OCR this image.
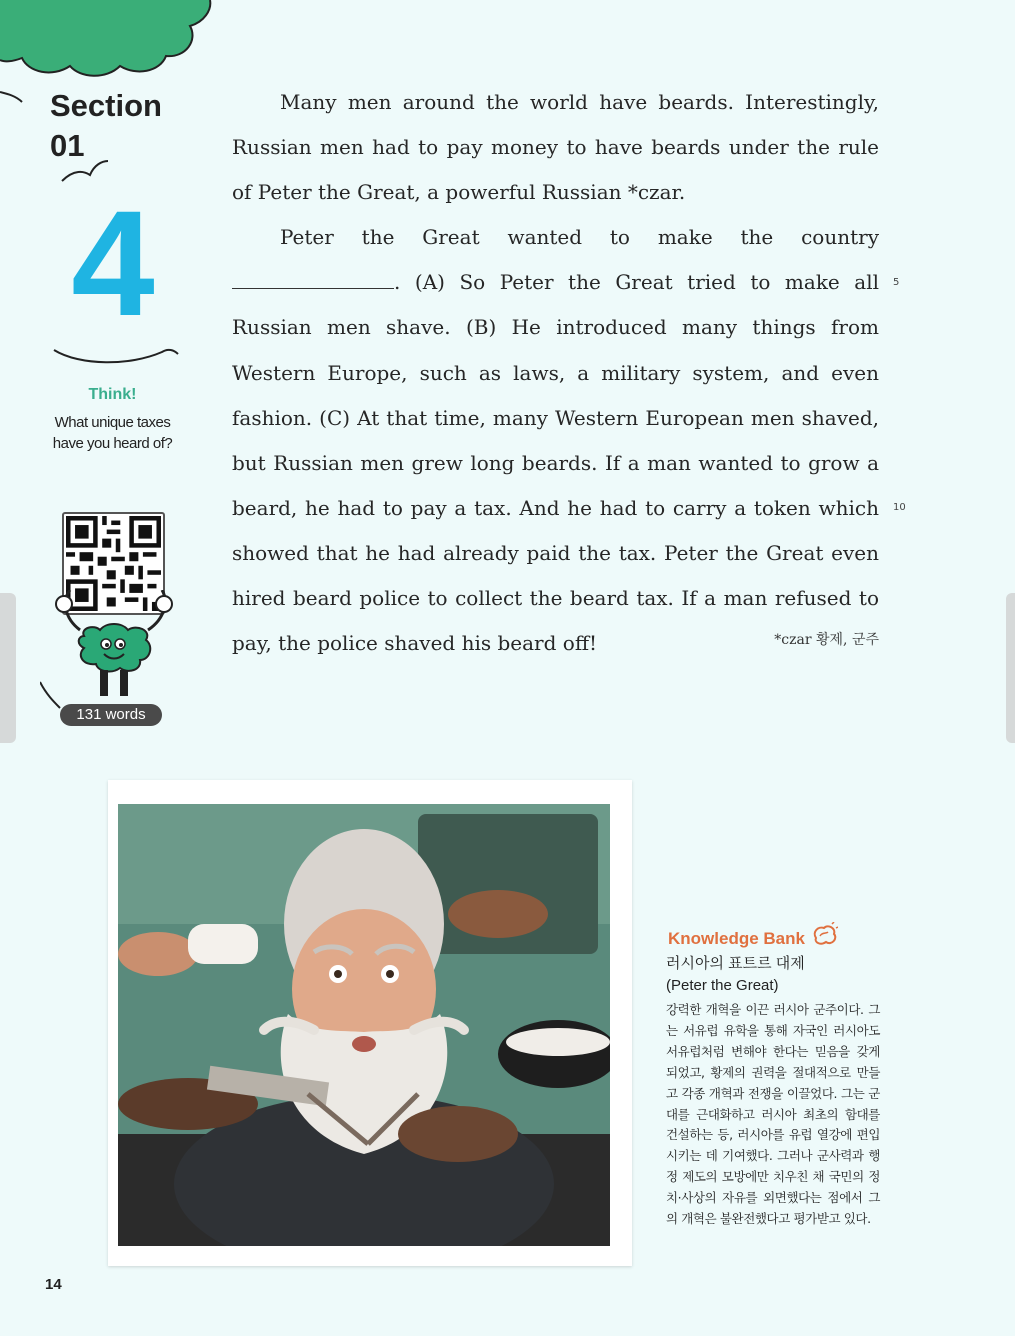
Section
01
4
Think!
What unique taxes
have you heard of?
131 words

Many men around the world have beards. Interestingly, Russian men had to pay money to have beards under the rule of Peter the Great, a powerful Russian *czar.

Peter the Great wanted to make the country . (A) So Peter the Great tried to make all Russian men shave. (B) He introduced many things from Western Europe, such as laws, a military system, and even fashion. (C) At that time, many Western European men shaved, but Russian men grew long beards. If a man wanted to grow a beard, he had to pay a tax. And he had to carry a token which showed that he had already paid the tax. Peter the Great even hired beard police to collect the beard tax. If a man refused to pay, the police shaved his beard off!

5
10
*czar 황제, 군주
Knowledge Bank
러시아의 표트르 대제
(Peter the Great)
강력한 개혁을 이끈 러시아 군주이다. 그는 서유럽 유학을 통해 자국인 러시아도 서유럽처럼 변해야 한다는 믿음을 갖게 되었고, 황제의 권력을 절대적으로 만들고 각종 개혁과 전쟁을 이끌었다. 그는 군대를 근대화하고 러시아 최초의 함대를 건설하는 등, 러시아를 유럽 열강에 편입시키는 데 기여했다. 그러나 군사력과 행정 제도의 모방에만 치우친 채 국민의 정치·사상의 자유를 외면했다는 점에서 그의 개혁은 불완전했다고 평가받고 있다.
14
